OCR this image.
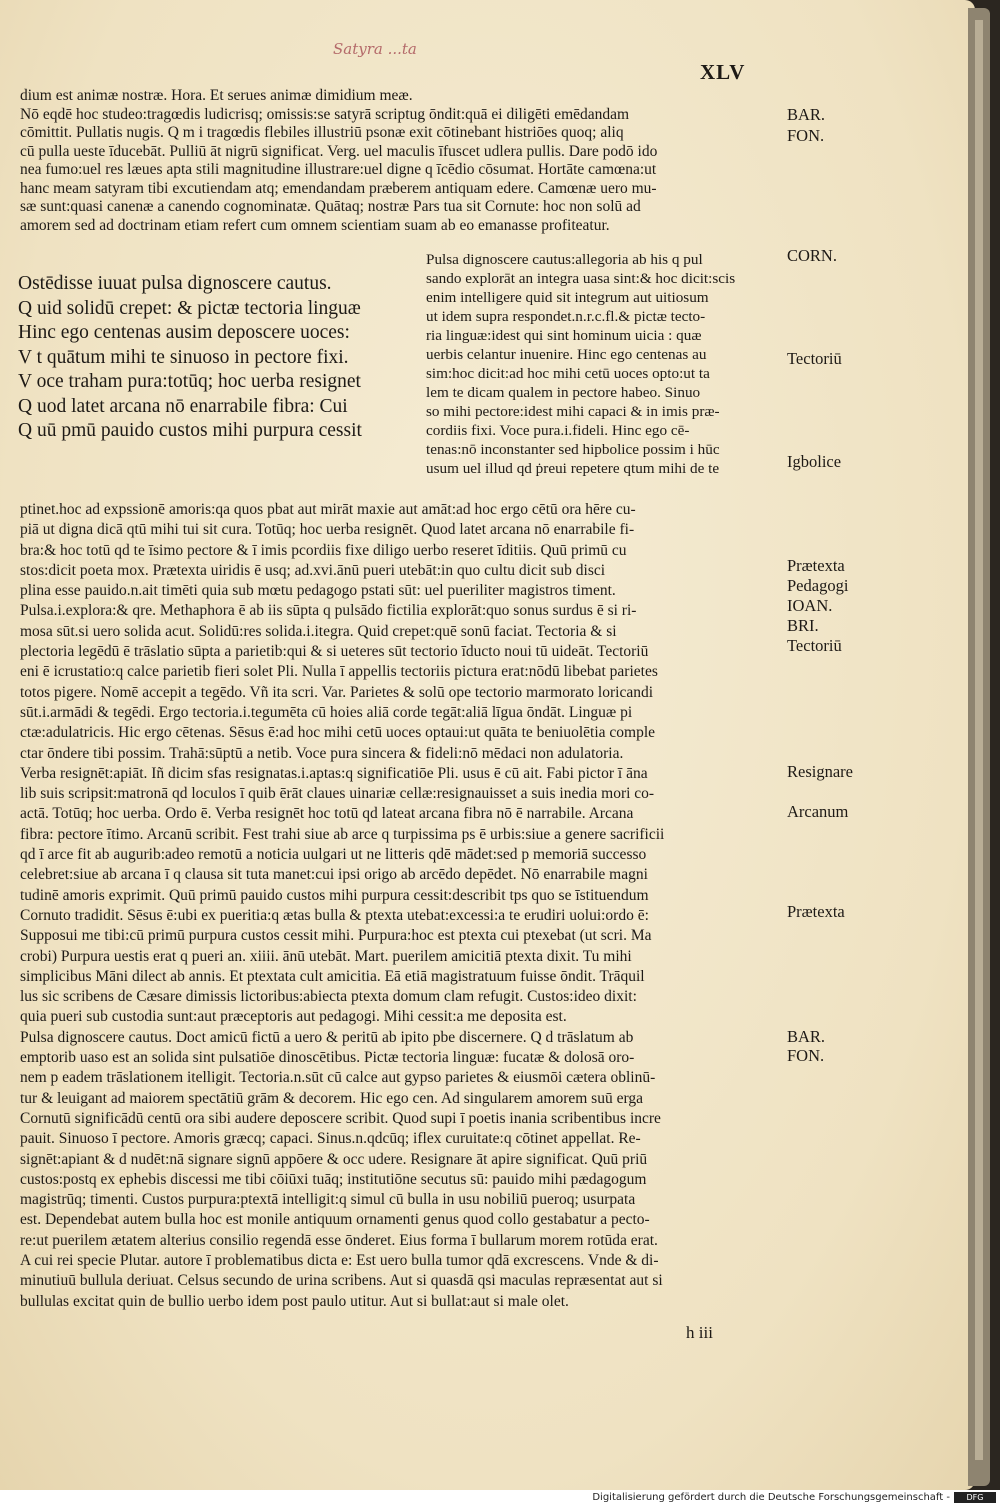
Satyra ...ta
XLV

dium est animæ nostræ. Hora. Et serues animæ dimidium meæ.

Nō eqdē hoc studeo:tragœdis ludicrisq; omissis:se satyrā scriptug ōndit:quā ei diligēti emēdandam

cōmittit. Pullatis nugis. Q m i tragœdis flebiles illustriū psonæ exit cōtinebant histriōes quoq; aliq

cū pulla ueste īducebāt. Pulliū āt nigrū significat. Verg. uel maculis īfuscet udlera pullis. Dare podō ido

nea fumo:uel res læues apta stili magnitudine illustrare:uel digne q īcēdio cōsumat. Hortāte camœna:ut

hanc meam satyram tibi excutiendam atq; emendandam præberem antiquam edere. Camœnæ uero mu-

sæ sunt:quasi canenæ a canendo cognominatæ. Quātaq; nostræ Pars tua sit Cornute: hoc non solū ad

amorem sed ad doctrinam etiam refert cum omnem scientiam suam ab eo emanasse profiteatur.

Ostēdisse iuuat pulsa dignoscere cautus.

Q uid solidū crepet: & pictæ tectoria linguæ

Hinc ego centenas ausim deposcere uoces:

V t quātum mihi te sinuoso in pectore fixi.

V oce traham pura:totūq; hoc uerba resignet

Q uod latet arcana nō enarrabile fibra: Cui

Q uū pmū pauido custos mihi purpura cessit

Pulsa dignoscere cautus:allegoria ab his q pul

sando explorāt an integra uasa sint:& hoc dicit:scis

enim intelligere quid sit integrum aut uitiosum

ut idem supra respondet.n.r.c.fl.& pictæ tecto-

ria linguæ:idest qui sint hominum uicia : quæ

uerbis celantur inuenire. Hinc ego centenas au

sim:hoc dicit:ad hoc mihi cetū uoces opto:ut ta

lem te dicam qualem in pectore habeo. Sinuo

so mihi pectore:idest mihi capaci & in imis præ-

cordiis fixi. Voce pura.i.fideli. Hinc ego cē-

tenas:nō inconstanter sed hipbolice possim i hūc

usum uel illud qd ṗreui repetere qtum mihi de te

ptinet.hoc ad expssionē amoris:qa quos pbat aut mirāt maxie aut amāt:ad hoc ergo cētū ora hēre cu-

piā ut digna dicā qtū mihi tui sit cura. Totūq; hoc uerba resignēt. Quod latet arcana nō enarrabile fi-

bra:& hoc totū qd te īsimo pectore & ī imis pcordiis fixe diligo uerbo reseret īditiis. Quū primū cu

stos:dicit poeta mox. Prætexta uiridis ē usq; ad.xvi.ānū pueri utebāt:in quo cultu dicit sub disci

plina esse pauido.n.ait timēti quia sub mœtu pedagogo pstati sūt: uel pueriliter magistros timent.

Pulsa.i.explora:& qre. Methaphora ē ab iis sūpta q pulsādo fictilia explorāt:quo sonus surdus ē si ri-

mosa sūt.si uero solida acut. Solidū:res solida.i.itegra. Quid crepet:quē sonū faciat. Tectoria & si

plectoria legēdū ē trāslatio sūpta a parietib:qui & si ueteres sūt tectorio īducto noui tū uideāt. Tectoriū

eni ē icrustatio:q calce parietib fieri solet Pli. Nulla ī appellis tectoriis pictura erat:nōdū libebat parietes

totos pigere. Nomē accepit a tegēdo. Vñ ita scri. Var. Parietes & solū ope tectorio marmorato loricandi

sūt.i.armādi & tegēdi. Ergo tectoria.i.tegumēta cū hoies aliā corde tegāt:aliā līgua ōndāt. Linguæ pi

ctæ:adulatricis. Hic ergo cētenas. Sēsus ē:ad hoc mihi cetū uoces optaui:ut quāta te beniuolētia comple

ctar ōndere tibi possim. Trahā:sūptū a netib. Voce pura sincera & fideli:nō mēdaci non adulatoria.

Verba resignēt:apiāt. Iñ dicim sfas resignatas.i.aptas:q significatiōe Pli. usus ē cū ait. Fabi pictor ī āna

lib suis scripsit:matronā qd loculos ī quib ērāt claues uinariæ cellæ:resignauisset a suis inedia mori co-

actā. Totūq; hoc uerba. Ordo ē. Verba resignēt hoc totū qd lateat arcana fibra nō ē narrabile. Arcana

fibra: pectore ītimo. Arcanū scribit. Fest trahi siue ab arce q turpissima ps ē urbis:siue a genere sacrificii

qd ī arce fit ab augurib:adeo remotū a noticia uulgari ut ne litteris qdē mādet:sed p memoriā successo

celebret:siue ab arcana ī q clausa sit tuta manet:cui ipsi origo ab arcēdo depēdet. Nō enarrabile magni

tudinē amoris exprimit. Quū primū pauido custos mihi purpura cessit:describit tps quo se īstituendum

Cornuto tradidit. Sēsus ē:ubi ex pueritia:q ætas bulla & ptexta utebat:excessi:a te erudiri uolui:ordo ē:

Supposui me tibi:cū primū purpura custos cessit mihi. Purpura:hoc est ptexta cui ptexebat (ut scri. Ma

crobi) Purpura uestis erat q pueri an. xiiii. ānū utebāt. Mart. puerilem amicitiā ptexta dixit. Tu mihi

simplicibus Māni dilect ab annis. Et ptextata cult amicitia. Eā etiā magistratuum fuisse ōndit. Trāquil

lus sic scribens de Cæsare dimissis lictoribus:abiecta ptexta domum clam refugit. Custos:ideo dixit:

quia pueri sub custodia sunt:aut præceptoris aut pedagogi. Mihi cessit:a me deposita est.

Pulsa dignoscere cautus. Doct amicū fictū a uero & peritū ab ipito pbe discernere. Q d trāslatum ab

emptorib uaso est an solida sint pulsatiōe dinoscētibus. Pictæ tectoria linguæ: fucatæ & dolosā oro-

nem p eadem trāslationem itelligit. Tectoria.n.sūt cū calce aut gypso parietes & eiusmōi cætera oblinū-

tur & leuigant ad maiorem spectātiū grām & decorem. Hic ego cen. Ad singularem amorem suū erga

Cornutū significādū centū ora sibi audere deposcere scribit. Quod supi ī poetis inania scribentibus incre

pauit. Sinuoso ī pectore. Amoris græcq; capaci. Sinus.n.qdcūq; iflex curuitate:q cōtinet appellat. Re-

signēt:apiant & d nudēt:nā signare signū appōere & occ udere. Resignare āt apire significat. Quū priū

custos:postq ex ephebis discessi me tibi cōiūxi tuāq; institutiōne secutus sū: pauido mihi pædagogum

magistrūq; timenti. Custos purpura:ptextā intelligit:q simul cū bulla in usu nobiliū pueroq; usurpata

est. Dependebat autem bulla hoc est monile antiquum ornamenti genus quod collo gestabatur a pecto-

re:ut puerilem ætatem alterius consilio regendā esse ōnderet. Eius forma ī bullarum morem rotūda erat.

A cui rei specie Plutar. autore ī problematibus dicta e: Est uero bulla tumor qdā excrescens. Vnde & di-

minutiuū bullula deriuat. Celsus secundo de urina scribens. Aut si quasdā qsi maculas repræsentat aut si

bullulas excitat quin de bullio uerbo idem post paulo utitur. Aut si bullat:aut si male olet.

BAR.
FON.
CORN.
Tectoriū
Igbolice
Prætexta
Pedagogi
IOAN.
BRI.
Tectoriū
Resignare
Arcanum
Prætexta
BAR.
FON.
h iii
Digitalisierung gefördert durch die Deutsche Forschungsgemeinschaft -	DFG
